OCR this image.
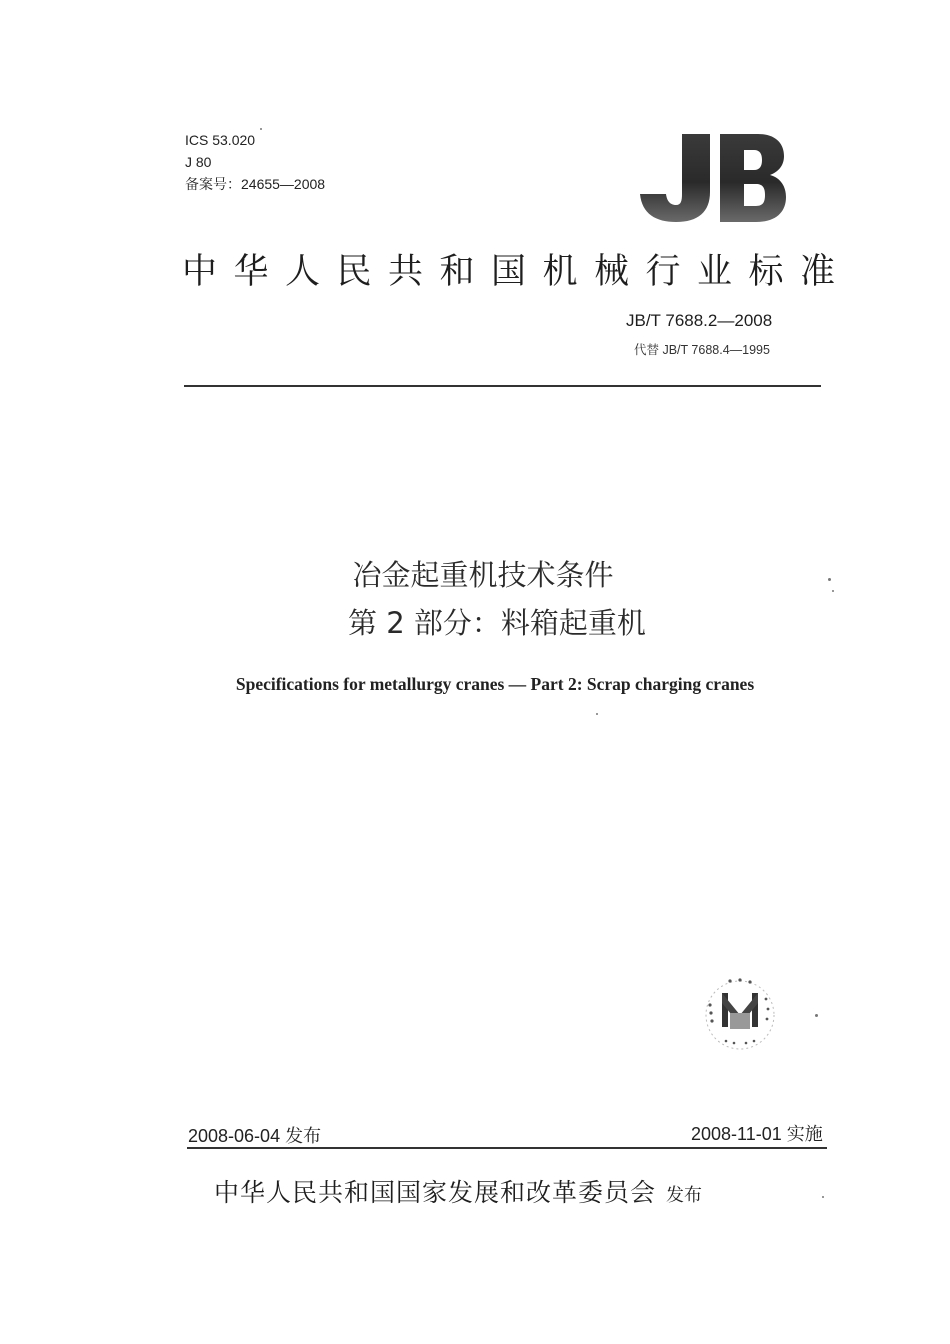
ICS 53.020
J 80
备案号：24655—2008
中华人民共和国机械行业标准
JB/T 7688.2—2008
代替 JB/T 7688.4—1995
冶金起重机技术条件
第 2 部分：料箱起重机
Specifications for metallurgy cranes — Part 2: Scrap charging cranes
2008-06-04 发布	2008-11-01 实施
中华人民共和国国家发展和改革委员会 发布
